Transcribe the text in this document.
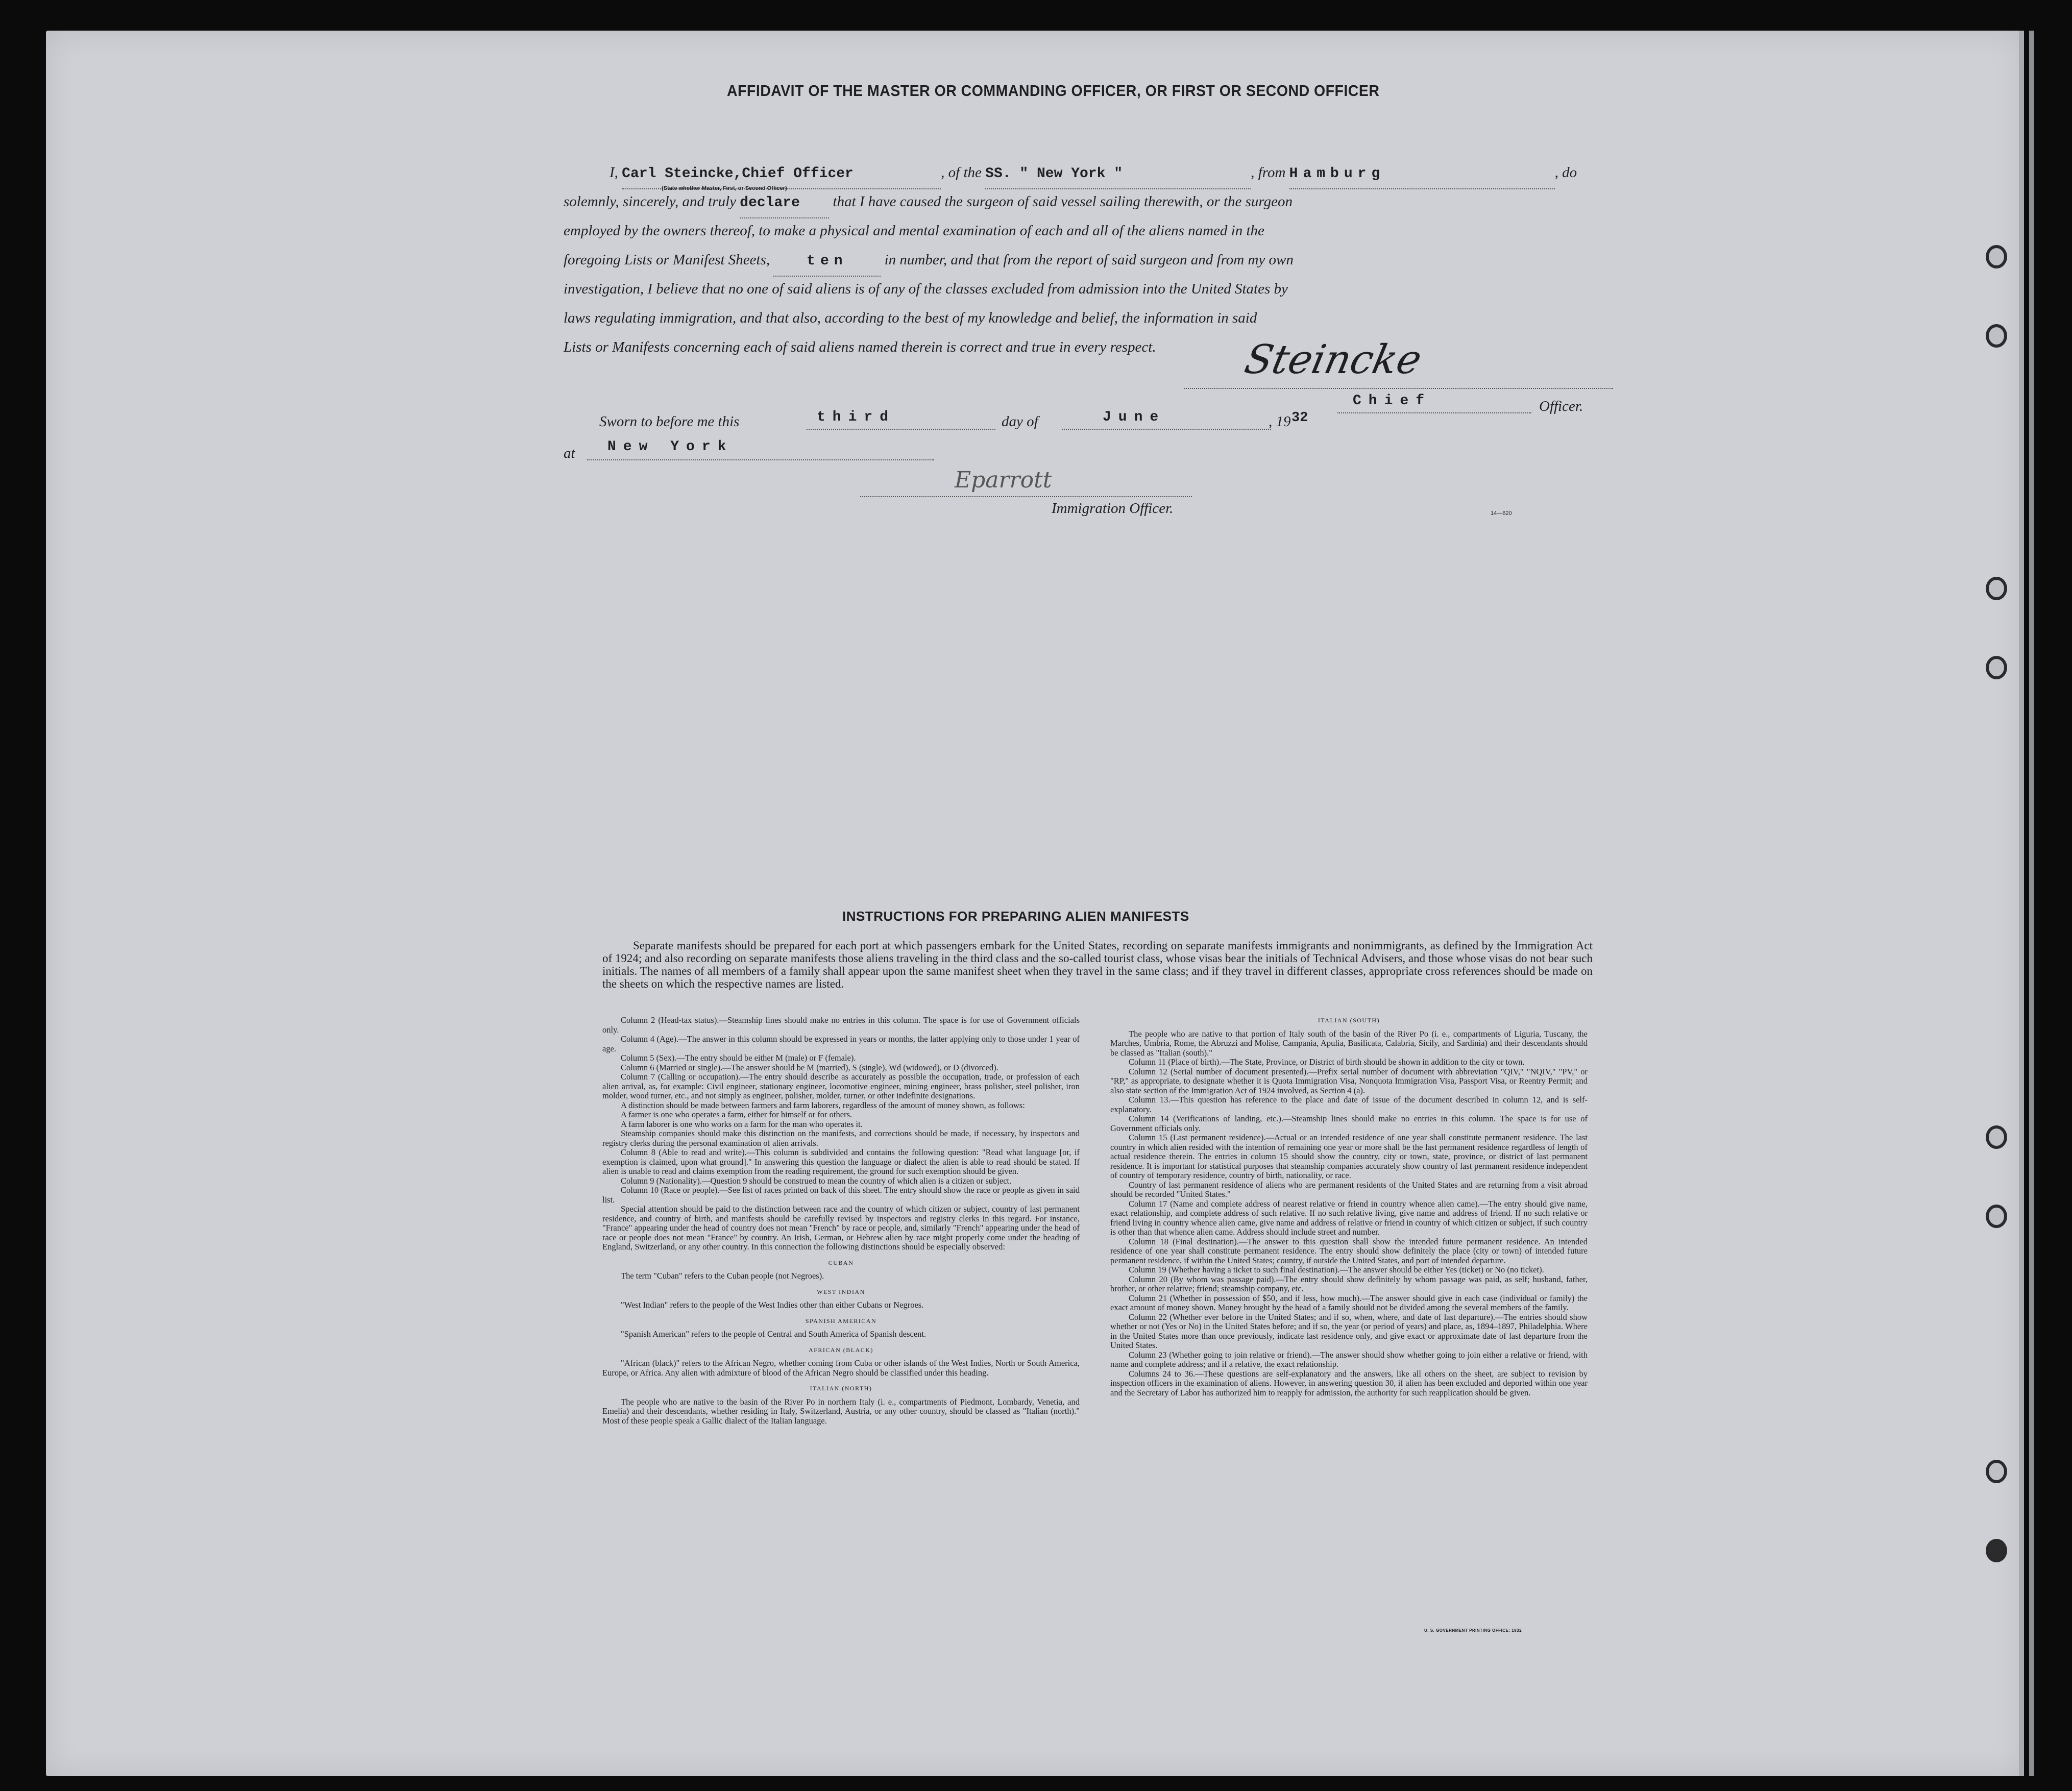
AFFIDAVIT OF THE MASTER OR COMMANDING OFFICER, OR FIRST OR SECOND OFFICER
I, Carl Steincke,Chief Officer	, of the SS. " New York "	, from Hamburg	, do
(State whether Master, First, or Second Officer)
solemnly, sincerely, and truly declare that I have caused the surgeon of said vessel sailing therewith, or the surgeon
employed by the owners thereof, to make a physical and mental examination of each and all of the aliens named in the
foregoing Lists or Manifest Sheets,	ten in number, and that from the report of said surgeon and from my own
investigation, I believe that no one of said aliens is of any of the classes excluded from admission into the United States by
laws regulating immigration, and that also, according to the best of my knowledge and belief, the information in said
Lists or Manifests concerning each of said aliens named therein is correct and true in every respect. Steincke
Chief	Officer.
Sworn to before me this	third	day of	June	, 19 32
at New York
Eparrott
Immigration Officer.	14—620
INSTRUCTIONS FOR PREPARING ALIEN MANIFESTS
Separate manifests should be prepared for each port at which passengers embark for the United States, recording on separate manifests immigrants and nonimmigrants, as defined by the Immigration Act of 1924; and also recording on separate manifests those aliens traveling in the third class and the so-called tourist class, whose visas bear the initials of Technical Advisers, and those whose visas do not bear such initials. The names of all members of a family shall appear upon the same manifest sheet when they travel in the same class; and if they travel in different classes, appropriate cross references should be made on the sheets on which the respective names are listed.

Column 2 (Head-tax status).—Steamship lines should make no entries in this column. The space is for use of Government officials only.

Column 4 (Age).—The answer in this column should be expressed in years or months, the latter applying only to those under 1 year of age.

Column 5 (Sex).—The entry should be either M (male) or F (female).

Column 6 (Married or single).—The answer should be M (married), S (single), Wd (widowed), or D (divorced).

Column 7 (Calling or occupation).—The entry should describe as accurately as possible the occupation, trade, or profession of each alien arrival, as, for example: Civil engineer, stationary engineer, locomotive engineer, mining engineer, brass polisher, steel polisher, iron molder, wood turner, etc., and not simply as engineer, polisher, molder, turner, or other indefinite designations.

A distinction should be made between farmers and farm laborers, regardless of the amount of money shown, as follows:

A farmer is one who operates a farm, either for himself or for others.

A farm laborer is one who works on a farm for the man who operates it.

Steamship companies should make this distinction on the manifests, and corrections should be made, if necessary, by inspectors and registry clerks during the personal examination of alien arrivals.

Column 8 (Able to read and write).—This column is subdivided and contains the following question: "Read what language [or, if exemption is claimed, upon what ground]." In answering this question the language or dialect the alien is able to read should be stated. If alien is unable to read and claims exemption from the reading requirement, the ground for such exemption should be given.

Column 9 (Nationality).—Question 9 should be construed to mean the country of which alien is a citizen or subject.

Column 10 (Race or people).—See list of races printed on back of this sheet. The entry should show the race or people as given in said list.

Special attention should be paid to the distinction between race and the country of which citizen or subject, country of last permanent residence, and country of birth, and manifests should be carefully revised by inspectors and registry clerks in this regard. For instance, "France" appearing under the head of country does not mean "French" by race or people, and, similarly "French" appearing under the head of race or people does not mean "France" by country. An Irish, German, or Hebrew alien by race might properly come under the heading of England, Switzerland, or any other country. In this connection the following distinctions should be especially observed:

CUBAN

The term "Cuban" refers to the Cuban people (not Negroes).

WEST INDIAN

"West Indian" refers to the people of the West Indies other than either Cubans or Negroes.

SPANISH AMERICAN

"Spanish American" refers to the people of Central and South America of Spanish descent.

AFRICAN (BLACK)

"African (black)" refers to the African Negro, whether coming from Cuba or other islands of the West Indies, North or South America, Europe, or Africa. Any alien with admixture of blood of the African Negro should be classified under this heading.

ITALIAN (NORTH)

The people who are native to the basin of the River Po in northern Italy (i. e., compartments of Piedmont, Lombardy, Venetia, and Emelia) and their descendants, whether residing in Italy, Switzerland, Austria, or any other country, should be classed as "Italian (north)." Most of these people speak a Gallic dialect of the Italian language.

ITALIAN (SOUTH)

The people who are native to that portion of Italy south of the basin of the River Po (i. e., compartments of Liguria, Tuscany, the Marches, Umbria, Rome, the Abruzzi and Molise, Campania, Apulia, Basilicata, Calabria, Sicily, and Sardinia) and their descendants should be classed as "Italian (south)."

Column 11 (Place of birth).—The State, Province, or District of birth should be shown in addition to the city or town.

Column 12 (Serial number of document presented).—Prefix serial number of document with abbreviation "QIV," "NQIV," "PV," or "RP," as appropriate, to designate whether it is Quota Immigration Visa, Nonquota Immigration Visa, Passport Visa, or Reentry Permit; and also state section of the Immigration Act of 1924 involved, as Section 4 (a).

Column 13.—This question has reference to the place and date of issue of the document described in column 12, and is self-explanatory.

Column 14 (Verifications of landing, etc.).—Steamship lines should make no entries in this column. The space is for use of Government officials only.

Column 15 (Last permanent residence).—Actual or an intended residence of one year shall constitute permanent residence. The last country in which alien resided with the intention of remaining one year or more shall be the last permanent residence regardless of length of actual residence therein. The entries in column 15 should show the country, city or town, state, province, or district of last permanent residence. It is important for statistical purposes that steamship companies accurately show country of last permanent residence independent of country of temporary residence, country of birth, nationality, or race.

Country of last permanent residence of aliens who are permanent residents of the United States and are returning from a visit abroad should be recorded "United States."

Column 17 (Name and complete address of nearest relative or friend in country whence alien came).—The entry should give name, exact relationship, and complete address of such relative. If no such relative living, give name and address of friend. If no such relative or friend living in country whence alien came, give name and address of relative or friend in country of which citizen or subject, if such country is other than that whence alien came. Address should include street and number.

Column 18 (Final destination).—The answer to this question shall show the intended future permanent residence. An intended residence of one year shall constitute permanent residence. The entry should show definitely the place (city or town) of intended future permanent residence, if within the United States; country, if outside the United States, and port of intended departure.

Column 19 (Whether having a ticket to such final destination).—The answer should be either Yes (ticket) or No (no ticket).

Column 20 (By whom was passage paid).—The entry should show definitely by whom passage was paid, as self; husband, father, brother, or other relative; friend; steamship company, etc.

Column 21 (Whether in possession of $50, and if less, how much).—The answer should give in each case (individual or family) the exact amount of money shown. Money brought by the head of a family should not be divided among the several members of the family.

Column 22 (Whether ever before in the United States; and if so, when, where, and date of last departure).—The entries should show whether or not (Yes or No) in the United States before; and if so, the year (or period of years) and place, as, 1894–1897, Philadelphia. Where in the United States more than once previously, indicate last residence only, and give exact or approximate date of last departure from the United States.

Column 23 (Whether going to join relative or friend).—The answer should show whether going to join either a relative or friend, with name and complete address; and if a relative, the exact relationship.

Columns 24 to 36.—These questions are self-explanatory and the answers, like all others on the sheet, are subject to revision by inspection officers in the examination of aliens. However, in answering question 30, if alien has been excluded and deported within one year and the Secretary of Labor has authorized him to reapply for admission, the authority for such reapplication should be given.

U. S. GOVERNMENT PRINTING OFFICE: 1932
